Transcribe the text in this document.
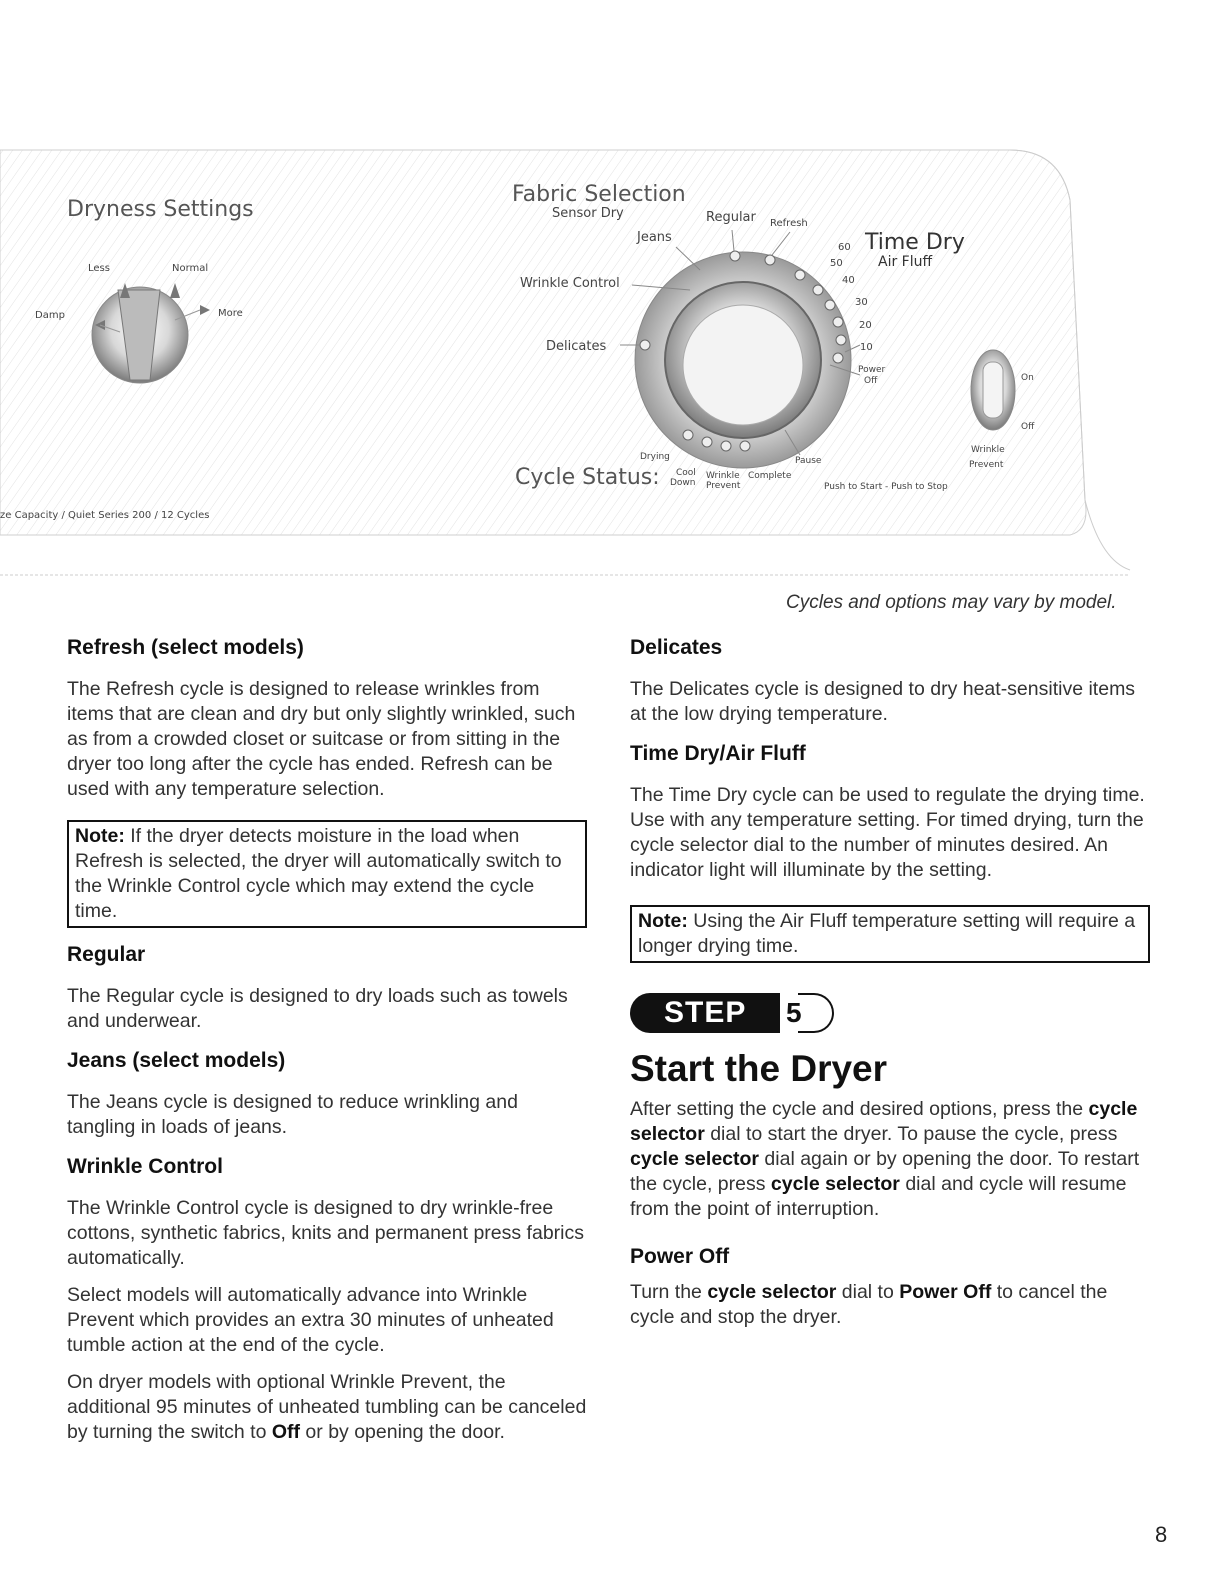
Dryness Settings
Less	Normal
Damp	More
Fabric Selection
Sensor Dry	Regular Refresh
Jeans
Wrinkle Control
Delicates
Time Dry
Air Fluff
60
50
40
30
20
10
Power
Off	On
Off
Wrinkle
Prevent
Cycle Status:
Drying
Cool
Down
Wrinkle
Prevent
Complete
Pause
Push to Start - Push to Stop
ze Capacity / Quiet Series 200 / 12 Cycles
Cycles and options may vary by model.
Refresh (select models)

The Refresh cycle is designed to release wrinkles from items that are clean and dry but only slightly wrinkled, such as from a crowded closet or suitcase or from sitting in the dryer too long after the cycle has ended. Refresh can be used with any temperature selection.

Note: If the dryer detects moisture in the load when Refresh is selected, the dryer will automatically switch to the Wrinkle Control cycle which may extend the cycle time.

Regular

The Regular cycle is designed to dry loads such as towels and underwear.

Jeans (select models)

The Jeans cycle is designed to reduce wrinkling and tangling in loads of jeans.

Wrinkle Control

The Wrinkle Control cycle is designed to dry wrinkle-free cottons, synthetic fabrics, knits and permanent press fabrics automatically.

Select models will automatically advance into Wrinkle Prevent which provides an extra 30 minutes of unheated tumble action at the end of the cycle.

On dryer models with optional Wrinkle Prevent, the additional 95 minutes of unheated tumbling can be canceled by turning the switch to Off or by opening the door.

Delicates

The Delicates cycle is designed to dry heat-sensitive items at the low drying temperature.

Time Dry/Air Fluff

The Time Dry cycle can be used to regulate the drying time. Use with any temperature setting. For timed drying, turn the cycle selector dial to the number of minutes desired. An indicator light will illuminate by the setting.

Note: Using the Air Fluff temperature setting will require a longer drying time.

STEP 5
Start the Dryer

After setting the cycle and desired options, press the cycle selector dial to start the dryer. To pause the cycle, press cycle selector dial again or by opening the door. To restart the cycle, press cycle selector dial and cycle will resume from the point of interruption.

Power Off

Turn the cycle selector dial to Power Off to cancel the cycle and stop the dryer.

8
